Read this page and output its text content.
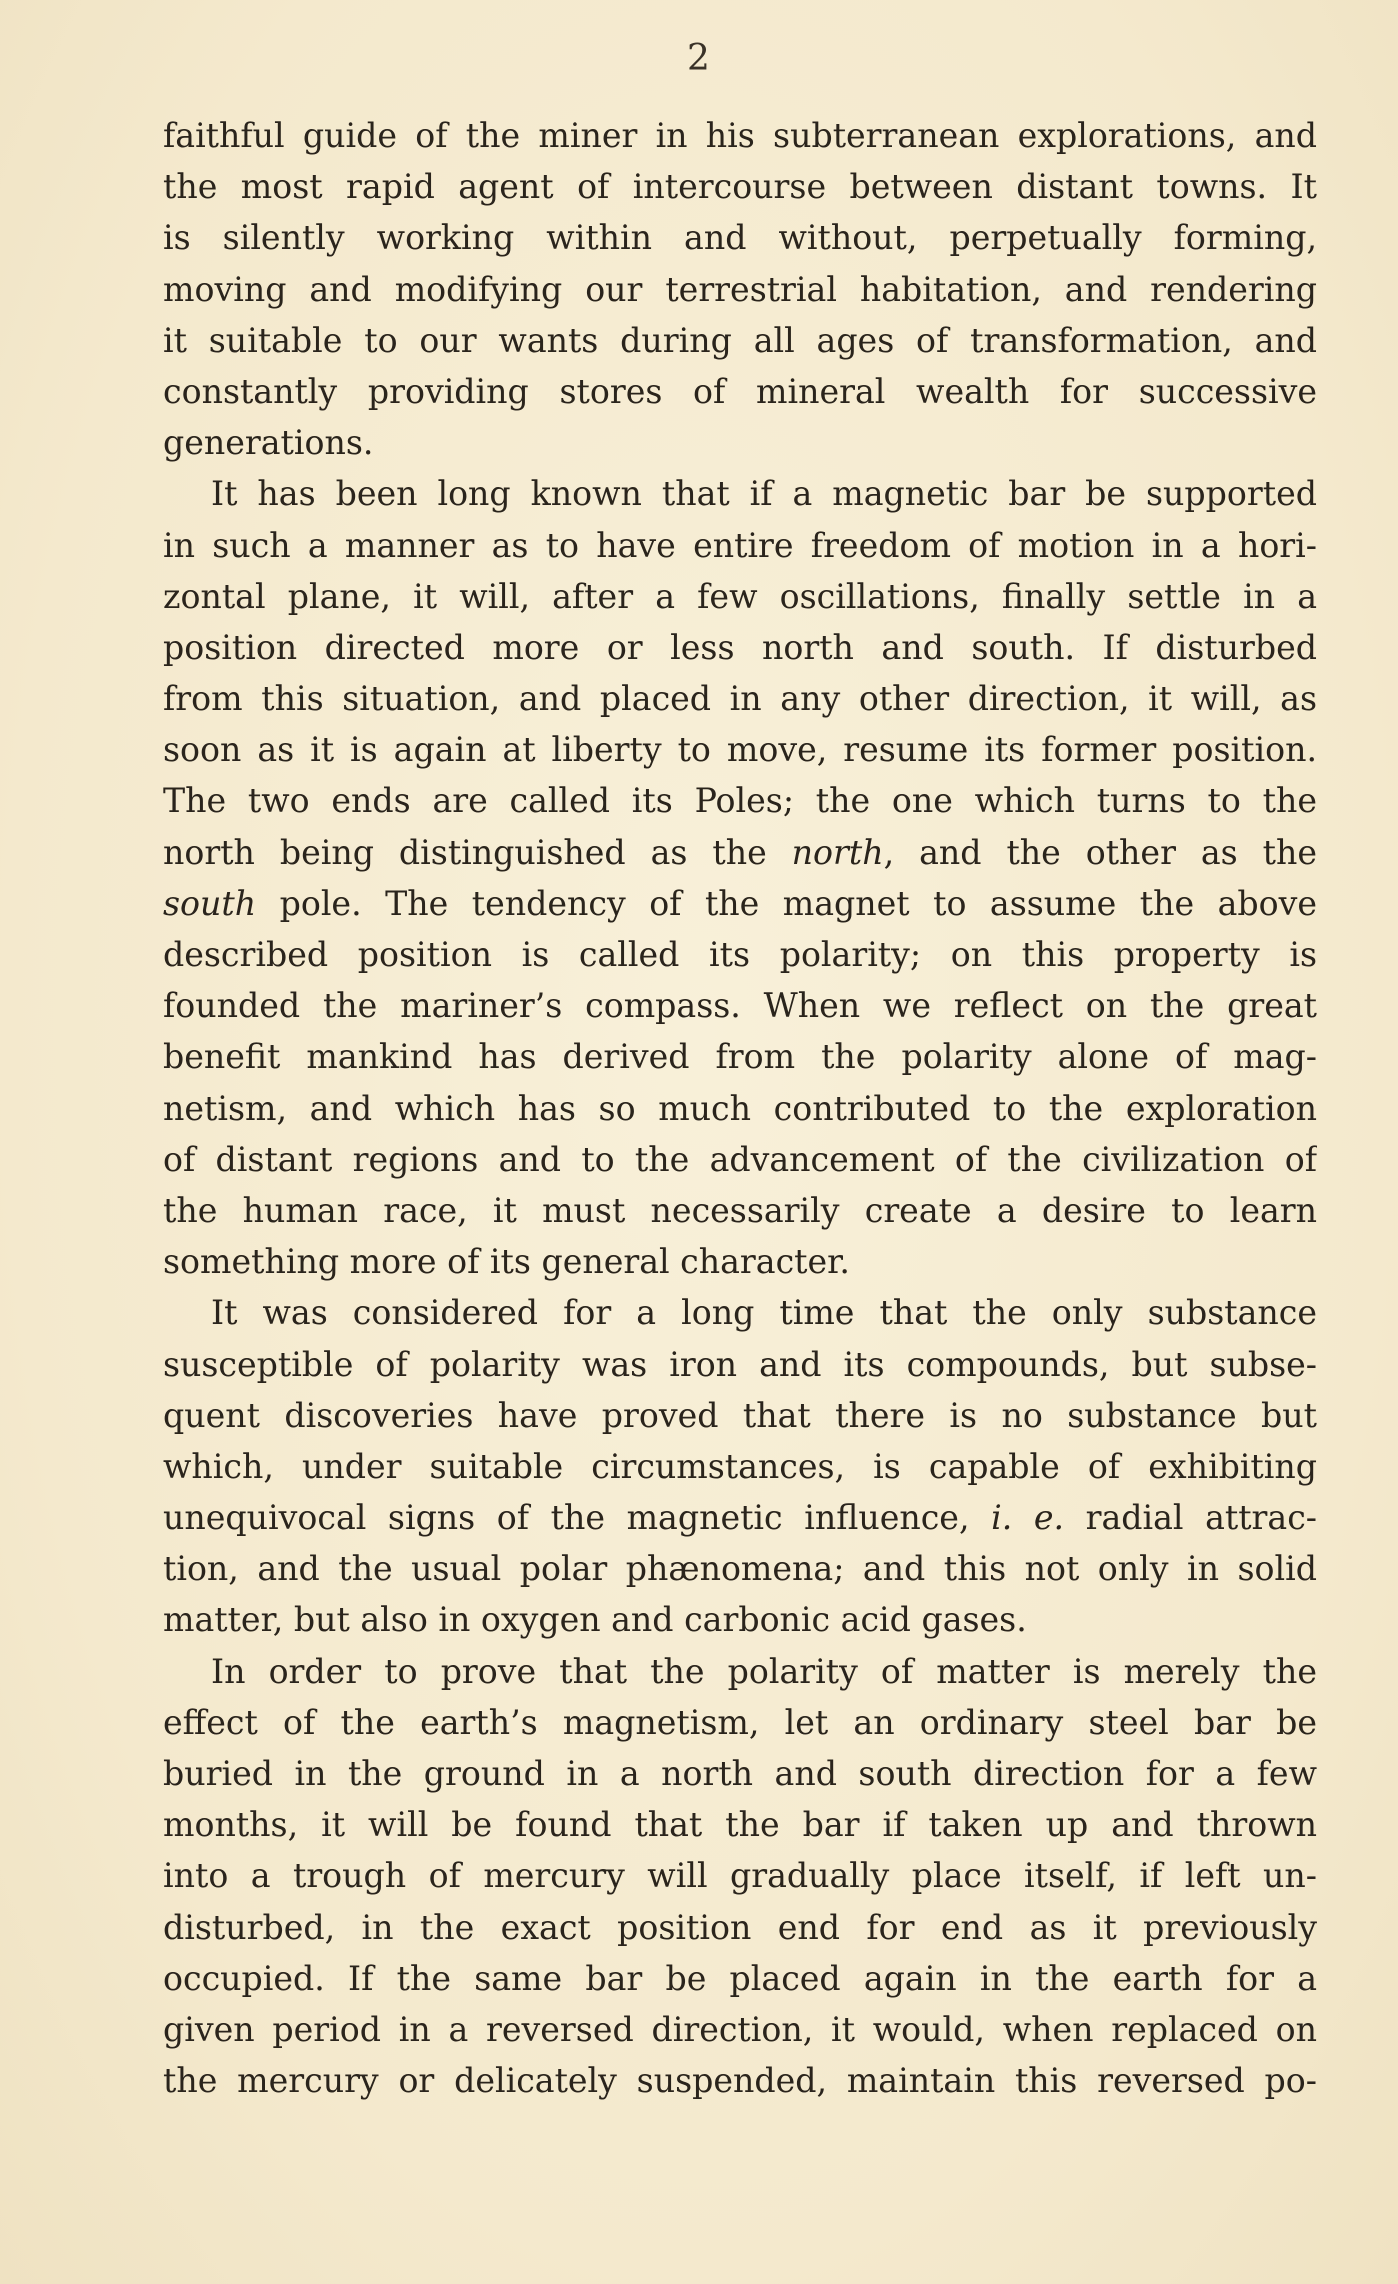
2
faithful guide of the miner in his subterranean explorations, and
the most rapid agent of intercourse between distant towns. It
is silently working within and without, perpetually forming,
moving and modifying our terrestrial habitation, and rendering
it suitable to our wants during all ages of transformation, and
constantly providing stores of mineral wealth for successive
generations.
It has been long known that if a magnetic bar be supported
in such a manner as to have entire freedom of motion in a hori-
zontal plane, it will, after a few oscillations, finally settle in a
position directed more or less north and south. If disturbed
from this situation, and placed in any other direction, it will, as
soon as it is again at liberty to move, resume its former position.
The two ends are called its Poles; the one which turns to the
north being distinguished as the north, and the other as the
south pole. The tendency of the magnet to assume the above
described position is called its polarity; on this property is
founded the mariner’s compass. When we reflect on the great
benefit mankind has derived from the polarity alone of mag-
netism, and which has so much contributed to the exploration
of distant regions and to the advancement of the civilization of
the human race, it must necessarily create a desire to learn
something more of its general character.
It was considered for a long time that the only substance
susceptible of polarity was iron and its compounds, but subse-
quent discoveries have proved that there is no substance but
which, under suitable circumstances, is capable of exhibiting
unequivocal signs of the magnetic influence, i. e. radial attrac-
tion, and the usual polar phænomena; and this not only in solid
matter, but also in oxygen and carbonic acid gases.
In order to prove that the polarity of matter is merely the
effect of the earth’s magnetism, let an ordinary steel bar be
buried in the ground in a north and south direction for a few
months, it will be found that the bar if taken up and thrown
into a trough of mercury will gradually place itself, if left un-
disturbed, in the exact position end for end as it previously
occupied. If the same bar be placed again in the earth for a
given period in a reversed direction, it would, when replaced on
the mercury or delicately suspended, maintain this reversed po-
